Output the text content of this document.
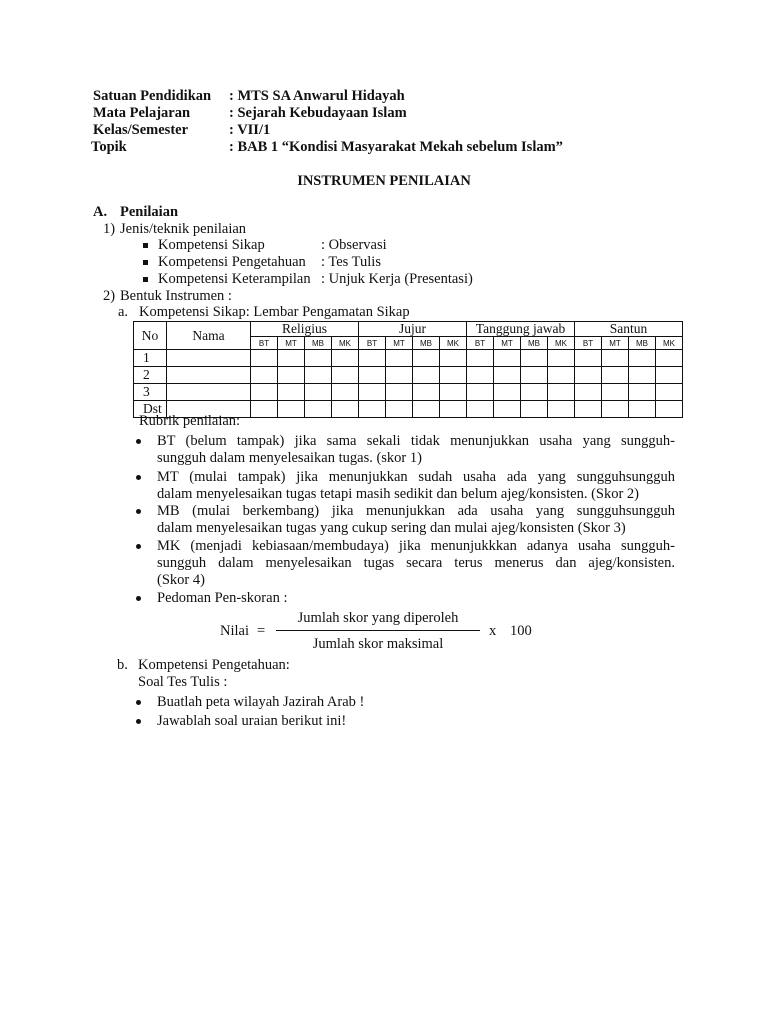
Satuan Pendidikan : MTS SA Anwarul Hidayah
Mata Pelajaran	: Sejarah Kebudayaan Islam
Kelas/Semester	: VII/1
Topik	: BAB 1 “Kondisi Masyarakat Mekah sebelum Islam”
INSTRUMEN PENILAIAN
A. Penilaian
1) Jenis/teknik penilaian
Kompetensi Sikap	: Observasi
Kompetensi Pengetahuan : Tes Tulis
Kompetensi Keterampilan : Unjuk Kerja (Presentasi)
2) Bentuk Instrumen :
a. Kompetensi Sikap: Lembar Pengamatan Sikap
No	Nama	Religius				Jujur				Tanggung jawab				Santun			
		BT	MT	MB	MK	BT	MT	MB	MK	BT	MT	MB	MK	BT	MT	MB	MK
1																	
2																	
3																	
Dst																	
Rubrik penilaian:
BT (belum tampak) jika sama sekali tidak menunjukkan usaha yang sungguh-
sungguh dalam menyelesaikan tugas. (skor 1)
MT (mulai tampak) jika menunjukkan sudah usaha ada yang sungguhsungguh
dalam menyelesaikan tugas tetapi masih sedikit dan belum ajeg/konsisten. (Skor 2)
MB (mulai berkembang) jika menunjukkan ada usaha yang sungguhsungguh
dalam menyelesaikan tugas yang cukup sering dan mulai ajeg/konsisten (Skor 3)
MK (menjadi kebiasaan/membudaya) jika menunjukkkan adanya usaha sungguh-
sungguh dalam menyelesaikan tugas secara terus menerus dan ajeg/konsisten.
(Skor 4)
Pedoman Pen-skoran :
Nilai =
Jumlah skor yang diperoleh
Jumlah skor maksimal
x 100
b. Kompetensi Pengetahuan:
Soal Tes Tulis :
Buatlah peta wilayah Jazirah Arab !
Jawablah soal uraian berikut ini!
